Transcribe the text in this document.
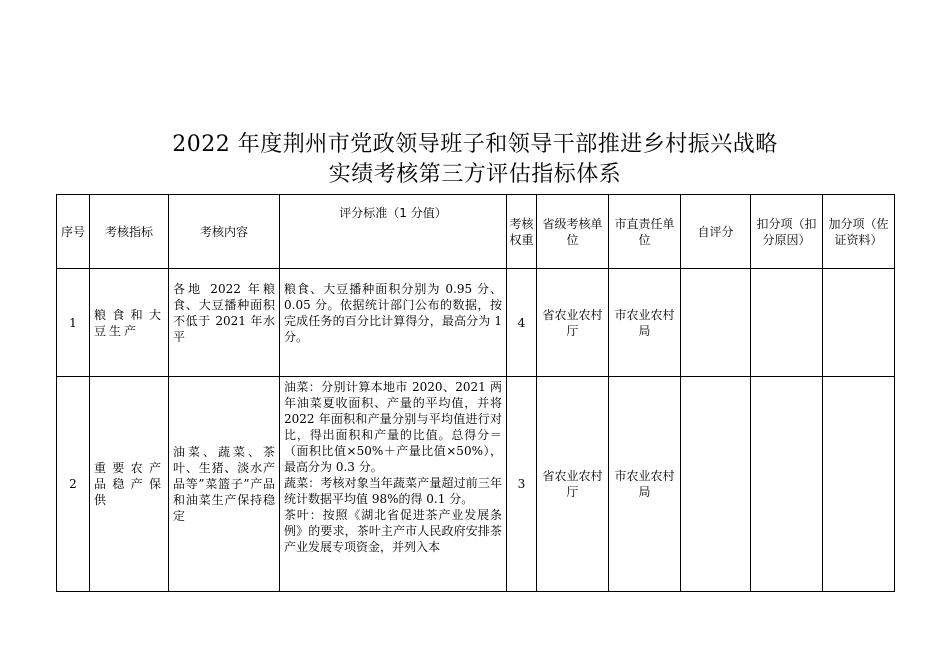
2022 年度荆州市党政领导班子和领导干部推进乡村振兴战略
实绩考核第三方评估指标体系
序号	考核指标	考核内容	评分标准（1 分值）	考核权重	省级考核单位	市直责任单位	自评分	扣分项（扣分原因）	加分项（佐证资料）
1	粮食和大豆生产	各地 2022 年粮食、大豆播种面积不低于 2021 年水平	粮食、大豆播种面积分别为 0.95 分、0.05 分。依据统计部门公布的数据，按完成任务的百分比计算得分，最高分为 1 分。	4	省农业农村厅	市农业农村局			
2	重要农产品稳产保供	油菜、蔬菜、茶叶、生猪、淡水产品等”菜篮子”产品和油菜生产保持稳定	油菜：分别计算本地市 2020、2021 两年油菜夏收面积、产量的平均值，并将 2022 年面积和产量分别与平均值进行对比，得出面积和产量的比值。总得分＝（面积比值×50%＋产量比值×50%），最高分为 0.3 分。

蔬菜：考核对象当年蔬菜产量超过前三年统计数据平均值 98%的得 0.1 分。

茶叶：按照《湖北省促进茶产业发展条例》的要求，茶叶主产市人民政府安排茶产业发展专项资金，并列入本	3	省农业农村厅	市农业农村局			
